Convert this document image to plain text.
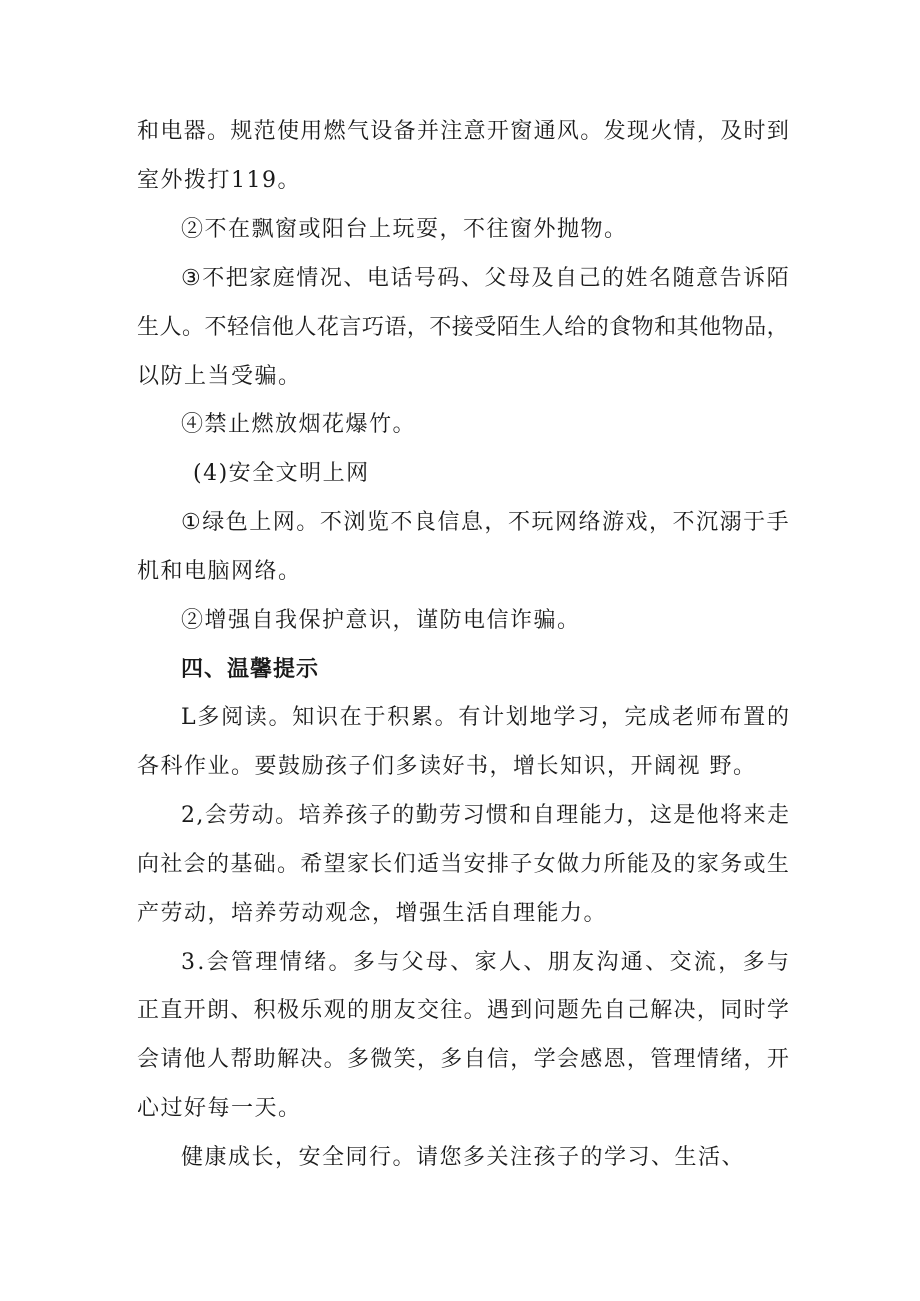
和 电 器 。 规 范 使 用 燃 气 设 备 并 注 意 开 窗 通 风 。 发 现 火 情 ， 及 时 到
室外拨打119。
②不在飘窗或阳台上玩耍，不往窗外抛物。
③ 不 把 家 庭 情 况 、 电 话 号 码 、 父 母 及 自 己 的 姓 名 随 意 告 诉 陌
生 人 。 不 轻 信 他 人 花 言 巧 语 ， 不 接 受 陌 生 人 给 的 食 物 和 其 他 物 品 ，
以防上当受骗。
④禁止燃放烟花爆竹。
(4)安全文明上网
① 绿 色 上 网 。 不 浏 览 不 良 信 息 ， 不 玩 网 络 游 戏 ， 不 沉 溺 于 手
机和电脑网络。
②增强自我保护意识，谨防电信诈骗。
四、温馨提示
L 多 阅 读 。 知 识 在 于 积 累 。 有 计 划 地 学 习 ， 完 成 老 师 布 置 的
各科作业。要鼓励孩子们多读好书，增长知识，开阔视 野。
2 , 会 劳 动 。 培 养 孩 子 的 勤 劳 习 惯 和 自 理 能 力 ， 这 是 他 将 来 走
向 社 会 的 基 础 。 希 望 家 长 们 适 当 安 排 子 女 做 力 所 能 及 的 家 务 或 生
产劳动，培养劳动观念，增强生活自理能力。
3 . 会 管 理 情 绪 。 多 与 父 母 、 家 人 、 朋 友 沟 通 、 交 流 ， 多 与
正 直 开 朗 、 积 极 乐 观 的 朋 友 交 往 。 遇 到 问 题 先 自 己 解 决 ， 同 时 学
会 请 他 人 帮 助 解 决 。 多 微 笑 ， 多 自 信 ， 学 会 感 恩 ， 管 理 情 绪 ， 开
心过好每一天。
健康成长，安全同行。请您多关注孩子的学习、生活、
